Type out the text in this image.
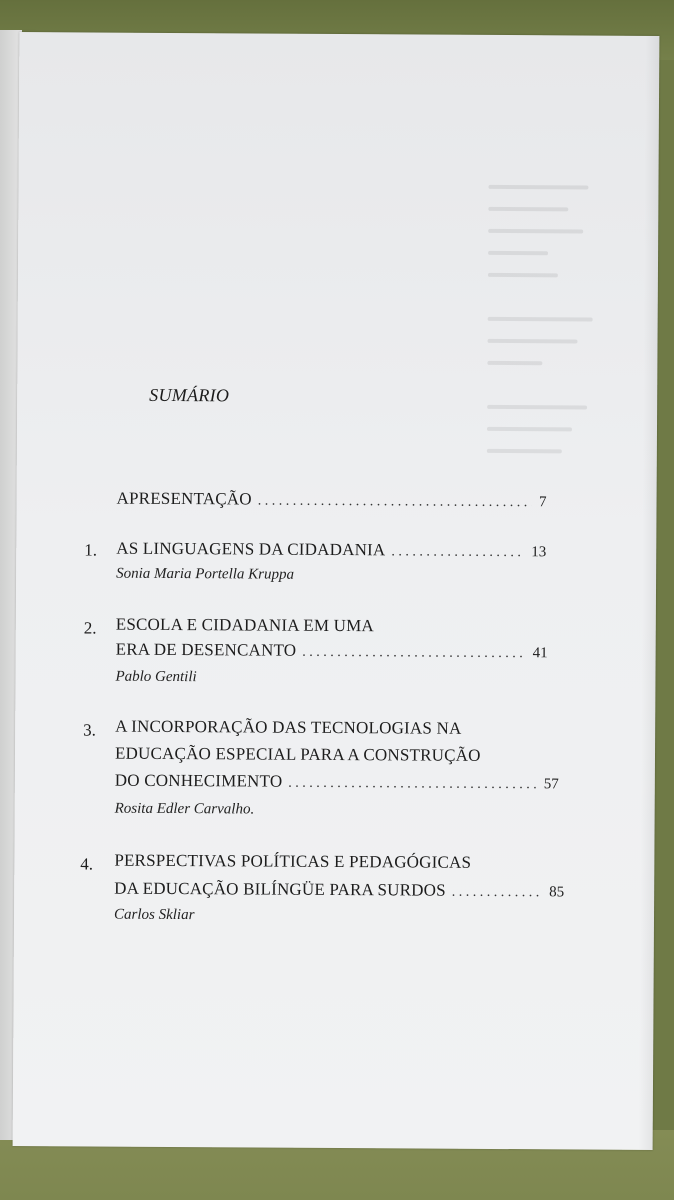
SUMÁRIO
APRESENTAÇÃO . . .	7
1. AS LINGUAGENS DA CIDADANIA . . .	13
Sonia Maria Portella Kruppa
2. ESCOLA E CIDADANIA EM UMA
ERA DE DESENCANTO . . .	41
Pablo Gentili
3. A INCORPORAÇÃO DAS TECNOLOGIAS NA
EDUCAÇÃO ESPECIAL PARA A CONSTRUÇÃO
DO CONHECIMENTO . . .	57
Rosita Edler Carvalho.
4. PERSPECTIVAS POLÍTICAS E PEDAGÓGICAS
DA EDUCAÇÃO BILÍNGÜE PARA SURDOS . . .	85
Carlos Skliar
